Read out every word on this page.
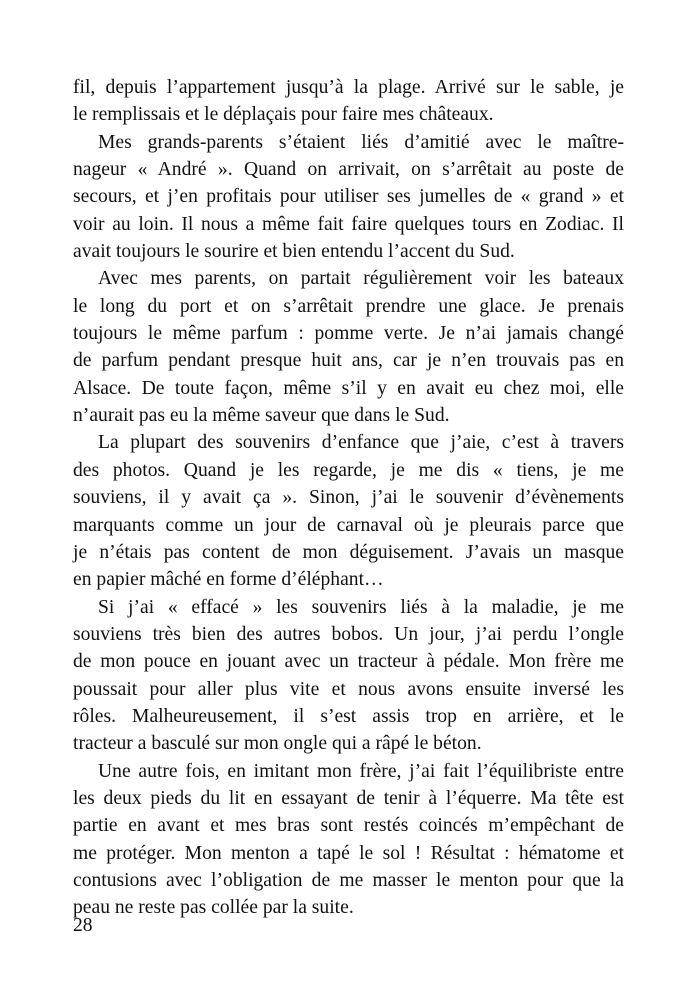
fil, depuis l’appartement jusqu’à la plage. Arrivé sur le sable, je
le remplissais et le déplaçais pour faire mes châteaux.
Mes grands-parents s’étaient liés d’amitié avec le maître-
nageur « André ». Quand on arrivait, on s’arrêtait au poste de
secours, et j’en profitais pour utiliser ses jumelles de « grand » et
voir au loin. Il nous a même fait faire quelques tours en Zodiac. Il
avait toujours le sourire et bien entendu l’accent du Sud.
Avec mes parents, on partait régulièrement voir les bateaux
le long du port et on s’arrêtait prendre une glace. Je prenais
toujours le même parfum : pomme verte. Je n’ai jamais changé
de parfum pendant presque huit ans, car je n’en trouvais pas en
Alsace. De toute façon, même s’il y en avait eu chez moi, elle
n’aurait pas eu la même saveur que dans le Sud.
La plupart des souvenirs d’enfance que j’aie, c’est à travers
des photos. Quand je les regarde, je me dis « tiens, je me
souviens, il y avait ça ». Sinon, j’ai le souvenir d’évènements
marquants comme un jour de carnaval où je pleurais parce que
je n’étais pas content de mon déguisement. J’avais un masque
en papier mâché en forme d’éléphant…
Si j’ai « effacé » les souvenirs liés à la maladie, je me
souviens très bien des autres bobos. Un jour, j’ai perdu l’ongle
de mon pouce en jouant avec un tracteur à pédale. Mon frère me
poussait pour aller plus vite et nous avons ensuite inversé les
rôles. Malheureusement, il s’est assis trop en arrière, et le
tracteur a basculé sur mon ongle qui a râpé le béton.
Une autre fois, en imitant mon frère, j’ai fait l’équilibriste entre
les deux pieds du lit en essayant de tenir à l’équerre. Ma tête est
partie en avant et mes bras sont restés coincés m’empêchant de
me protéger. Mon menton a tapé le sol ! Résultat : hématome et
contusions avec l’obligation de me masser le menton pour que la
peau ne reste pas collée par la suite.
28
